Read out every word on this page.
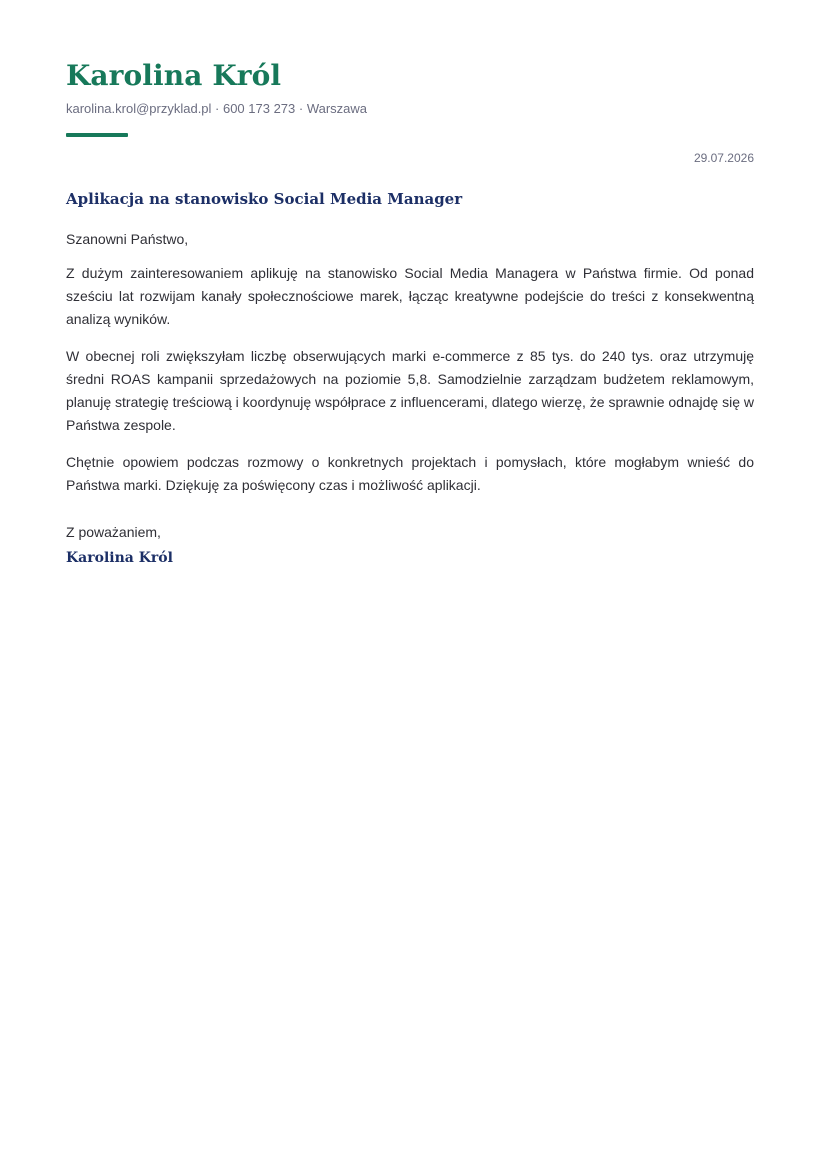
Karolina Król
karolina.krol@przyklad.pl · 600 173 273 · Warszawa
29.07.2026
Aplikacja na stanowisko Social Media Manager
Szanowni Państwo,

Z dużym zainteresowaniem aplikuję na stanowisko Social Media Managera w Państwa firmie. Od ponad sześciu lat rozwijam kanały społecznościowe marek, łącząc kreatywne podejście do treści z konsekwentną analizą wyników.

W obecnej roli zwiększyłam liczbę obserwujących marki e-commerce z 85 tys. do 240 tys. oraz utrzymuję średni ROAS kampanii sprzedażowych na poziomie 5,8. Samodzielnie zarządzam budżetem reklamowym, planuję strategię treściową i koordynuję współprace z influencerami, dlatego wierzę, że sprawnie odnajdę się w Państwa zespole.

Chętnie opowiem podczas rozmowy o konkretnych projektach i pomysłach, które mogłabym wnieść do Państwa marki. Dziękuję za poświęcony czas i możliwość aplikacji.

Z poważaniem,
Karolina Król
